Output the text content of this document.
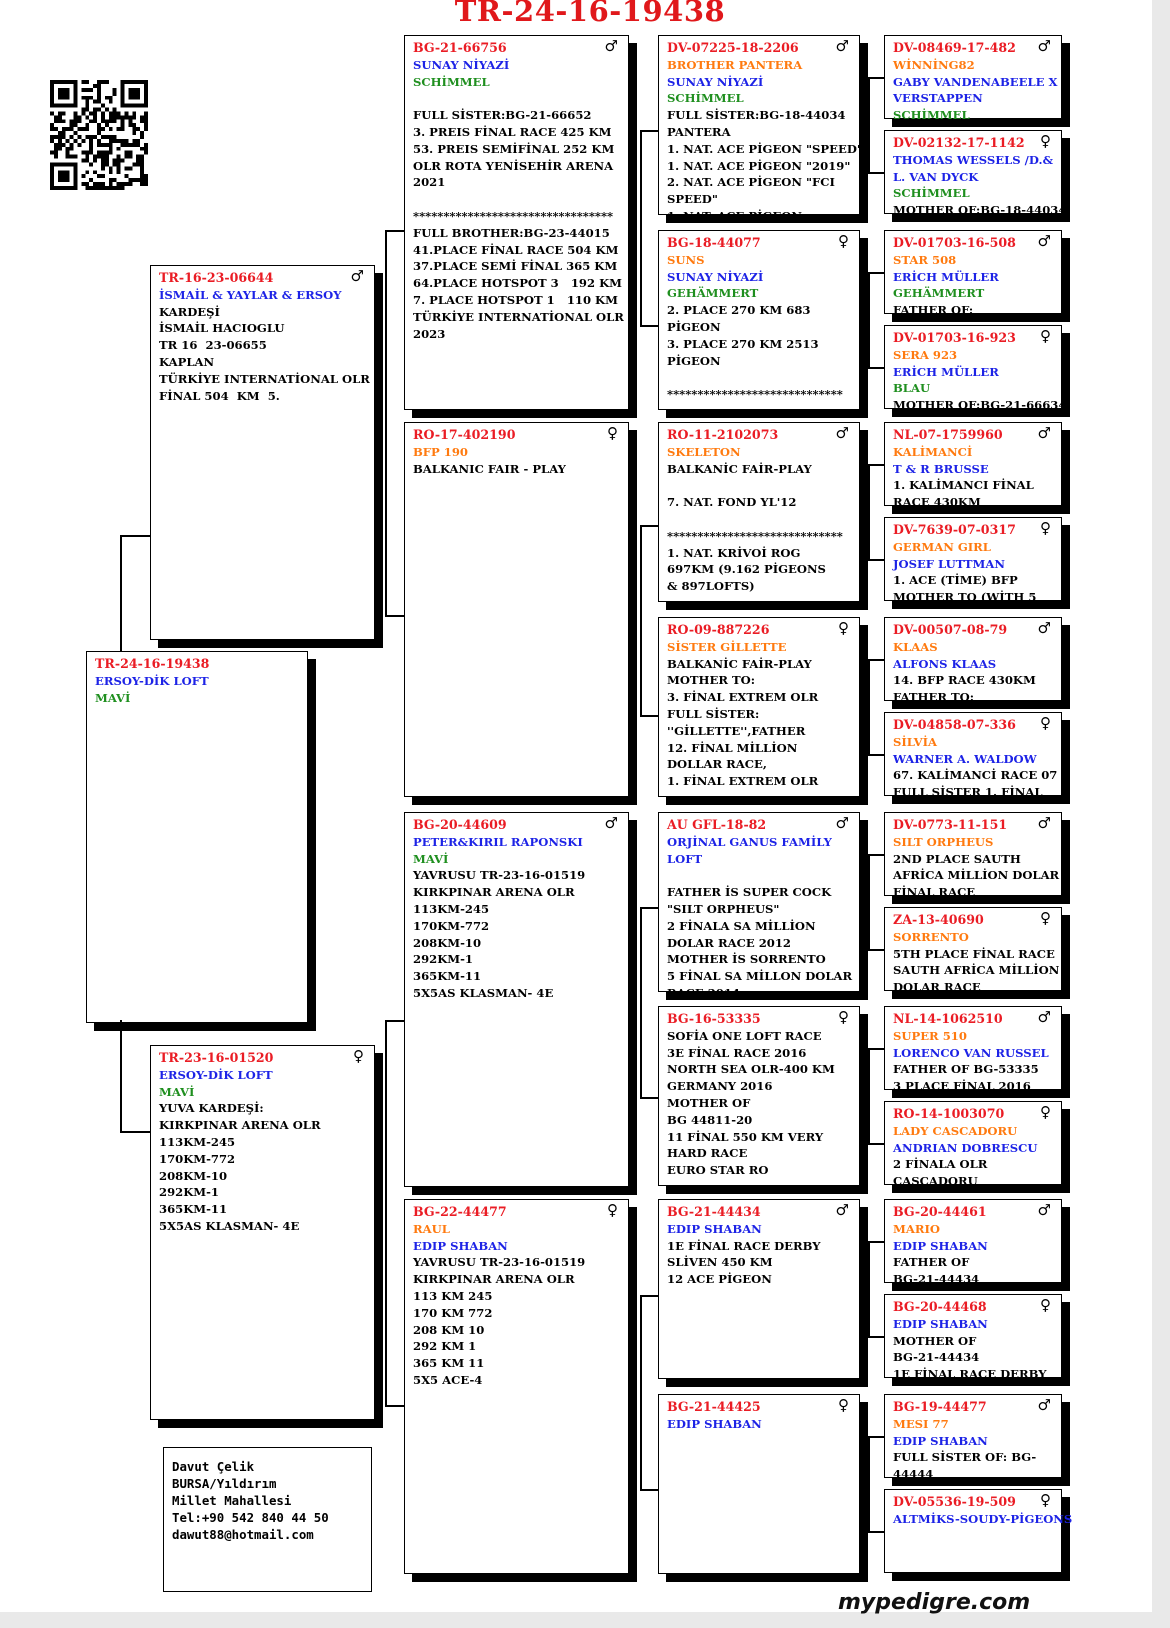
TR-24-16-19438
TR-24-16-19438
ERSOY-DİK LOFT
MAVİ
TR-16-23-06644	♂
İSMAİL & YAYLAR & ERSOY
KARDEŞİ
İSMAİL HACIOGLU
TR 16  23-06655
KAPLAN
TÜRKİYE INTERNATİONAL OLR
FİNAL 504  KM  5.
TR-23-16-01520	♀
ERSOY-DİK LOFT
MAVİ
YUVA KARDEŞİ:
KIRKPINAR ARENA OLR
113KM-245
170KM-772
208KM-10
292KM-1
365KM-11
5X5AS KLASMAN- 4E
BG-21-66756	♂
SUNAY NİYAZİ
SCHİMMEL

FULL SİSTER:BG-21-66652
3. PREIS FİNAL RACE 425 KM
53. PREIS SEMİFİNAL 252 KM
OLR ROTA YENİSEHİR ARENA
2021

*********************************
FULL BROTHER:BG-23-44015
41.PLACE FİNAL RACE 504 KM
37.PLACE SEMİ FİNAL 365 KM
64.PLACE HOTSPOT 3   192 KM
7. PLACE HOTSPOT 1   110 KM
TÜRKİYE INTERNATİONAL OLR
2023
RO-17-402190	♀
BFP 190
BALKANIC FAIR - PLAY
BG-20-44609	♂
PETER&KIRIL RAPONSKI
MAVİ
YAVRUSU TR-23-16-01519
KIRKPINAR ARENA OLR
113KM-245
170KM-772
208KM-10
292KM-1
365KM-11
5X5AS KLASMAN- 4E
BG-22-44477	♀
RAUL
EDIP SHABAN
YAVRUSU TR-23-16-01519
KIRKPINAR ARENA OLR
113 KM 245
170 KM 772
208 KM 10
292 KM 1
365 KM 11
5X5 ACE-4
DV-07225-18-2206	♂
BROTHER PANTERA
SUNAY NİYAZİ
SCHİMMEL
FULL SİSTER:BG-18-44034
PANTERA
1. NAT. ACE PİGEON "SPEED"
1. NAT. ACE PİGEON "2019"
2. NAT. ACE PİGEON "FCI
SPEED"
1. NAT. ACE PİGEON
BG-18-44077	♀
SUNS
SUNAY NİYAZİ
GEHÄMMERT
2. PLACE 270 KM 683
PİGEON
3. PLACE 270 KM 2513
PİGEON

*****************************

RO-11-2102073	♂
SKELETON
BALKANİC FAİR-PLAY

7. NAT. FOND YL'12

*****************************
1. NAT. KRİVOİ ROG
697KM (9.162 PİGEONS
& 897LOFTS)

RO-09-887226	♀
SİSTER GİLLETTE
BALKANİC FAİR-PLAY
MOTHER TO:
3. FİNAL EXTREM OLR
FULL SİSTER:
''GİLLETTE'',FATHER
12. FİNAL MİLLİON
DOLLAR RACE,
1. FİNAL EXTREM OLR
AU GFL-18-82	♂
ORJİNAL GANUS FAMİLY
LOFT

FATHER İS SUPER COCK
"SILT ORPHEUS"
2 FİNALA SA MİLLİON
DOLAR RACE 2012
MOTHER İS SORRENTO
5 FİNAL SA MİLLON DOLAR
RACE 2014
BG-16-53335	♀
SOFİA ONE LOFT RACE
3E FİNAL RACE 2016
NORTH SEA OLR-400 KM
GERMANY 2016
MOTHER OF
BG 44811-20
11 FİNAL 550 KM VERY
HARD RACE
EURO STAR RO
BG-21-44434	♂
EDIP SHABAN
1E FİNAL RACE DERBY
SLİVEN 450 KM
12 ACE PİGEON
BG-21-44425	♀
EDIP SHABAN
DV-08469-17-482	♂
WİNNİNG82
GABY VANDENABEELE X
VERSTAPPEN
SCHİMMEL
DV-02132-17-1142	♀
THOMAS WESSELS /D.&
L. VAN DYCK
SCHİMMEL
MOTHER OF:BG-18-44034
DV-01703-16-508	♂
STAR 508
ERİCH MÜLLER
GEHÄMMERT
FATHER OF:
DV-01703-16-923	♀
SERA 923
ERİCH MÜLLER
BLAU
MOTHER OF:BG-21-66634
NL-07-1759960	♂
KALİMANCİ
T & R BRUSSE
1. KALİMANCI FİNAL
RACE 430KM
DV-7639-07-0317	♀
GERMAN GIRL
JOSEF LUTTMAN
1. ACE (TİME) BFP
MOTHER TO (WİTH 5
DV-00507-08-79	♂
KLAAS
ALFONS KLAAS
14. BFP RACE 430KM
FATHER TO:
DV-04858-07-336	♀
SİLVİA
WARNER A. WALDOW
67. KALİMANCİ RACE 07
FULL SİSTER 1. FİNAL
DV-0773-11-151	♂
SILT ORPHEUS
2ND PLACE SAUTH
AFRİCA MİLLİON DOLAR
FİNAL RACE
ZA-13-40690	♀
SORRENTO
5TH PLACE FİNAL RACE
SAUTH AFRİCA MİLLİON
DOLAR RACE
NL-14-1062510	♂
SUPER 510
LORENCO VAN RUSSEL
FATHER OF BG-53335
3 PLACE FİNAL 2016
RO-14-1003070	♀
LADY CASCADORU
ANDRIAN DOBRESCU
2 FİNALA OLR
CASCADORU
BG-20-44461	♂
MARIO
EDIP SHABAN
FATHER OF
BG-21-44434
BG-20-44468	♀
EDIP SHABAN
MOTHER OF
BG-21-44434
1E FİNAL RACE DERBY
BG-19-44477	♂
MESI 77
EDIP SHABAN
FULL SİSTER OF: BG-
44444
DV-05536-19-509	♀
ALTMİKS-SOUDY-PİGEONS
Davut Çelik
BURSA/Yıldırım
Millet Mahallesi
Tel:+90 542 840 44 50
dawut88@hotmail.com
mypedigre.com
